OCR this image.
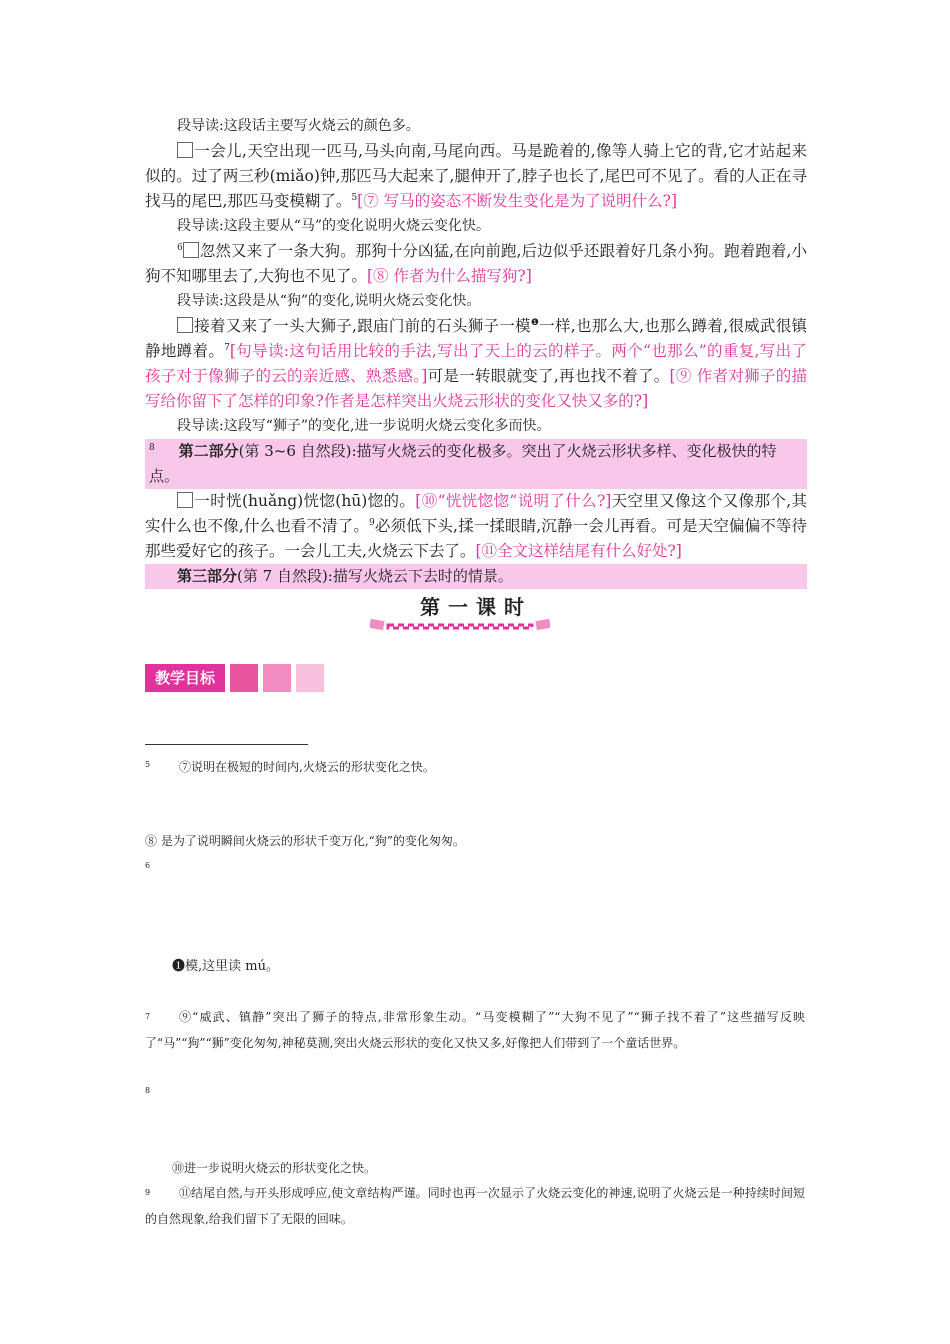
段导读:这段话主要写火烧云的颜色多。

一会儿,天空出现一匹马,马头向南,马尾向西。马是跪着的,像等人骑上它的背,它才站起来似的。过了两三秒(miǎo)钟,那匹马大起来了,腿伸开了,脖子也长了,尾巴可不见了。看的人正在寻找马的尾巴,那匹马变模糊了。$^5$[⑦ 写马的姿态不断发生变化是为了说明什么?]

段导读:这段主要从“马”的变化说明火烧云变化快。

$^6$ 忽然又来了一条大狗。那狗十分凶猛,在向前跑,后边似乎还跟着好几条小狗。跑着跑着,小狗不知哪里去了,大狗也不见了。[⑧ 作者为什么描写狗?]

段导读:这段是从“狗”的变化,说明火烧云变化快。

接着又来了一头大狮子,跟庙门前的石头狮子一模$^❶$一样,也那么大,也那么蹲着,很威武很镇静地蹲着。$^7$[句导读:这句话用比较的手法,写出了天上的云的样子。两个“也那么”的重复,写出了孩子对于像狮子的云的亲近感、熟悉感。]可是一转眼就变了,再也找不着了。[⑨ 作者对狮子的描写给你留下了怎样的印象?作者是怎样突出火烧云形状的变化又快又多的?]

段导读:这段写“狮子”的变化,进一步说明火烧云变化多而快。

$^8$ 第二部分(第 3~6 自然段):描写火烧云的变化极多。突出了火烧云形状多样、变化极快的特点。

一时恍(huǎng)恍惚(hū)惚的。[⑩“恍恍惚惚”说明了什么?]天空里又像这个又像那个,其实什么也不像,什么也看不清了。$^9$必须低下头,揉一揉眼睛,沉静一会儿再看。可是天空偏偏不等待那些爱好它的孩子。一会儿工夫,火烧云下去了。[⑪全文这样结尾有什么好处?]

第三部分(第 7 自然段):描写火烧云下去时的情景。

第一课时
教学目标
5	⑦说明在极短的时间内,火烧云的形状变化之快。
⑧ 是为了说明瞬间火烧云的形状千变万化,“狗”的变化匆匆。
6
❶模,这里读 mú。
7	⑨“威武、镇静”突出了狮子的特点,非常形象生动。“马变模糊了”“大狗不见了”“狮子找不着了”这些描写反映了“马”“狗”“狮”变化匆匆,神秘莫测,突出火烧云形状的变化又快又多,好像把人们带到了一个童话世界。
8
⑩进一步说明火烧云的形状变化之快。
9	⑪结尾自然,与开头形成呼应,使文章结构严谨。同时也再一次显示了火烧云变化的神速,说明了火烧云是一种持续时间短的自然现象,给我们留下了无限的回味。
